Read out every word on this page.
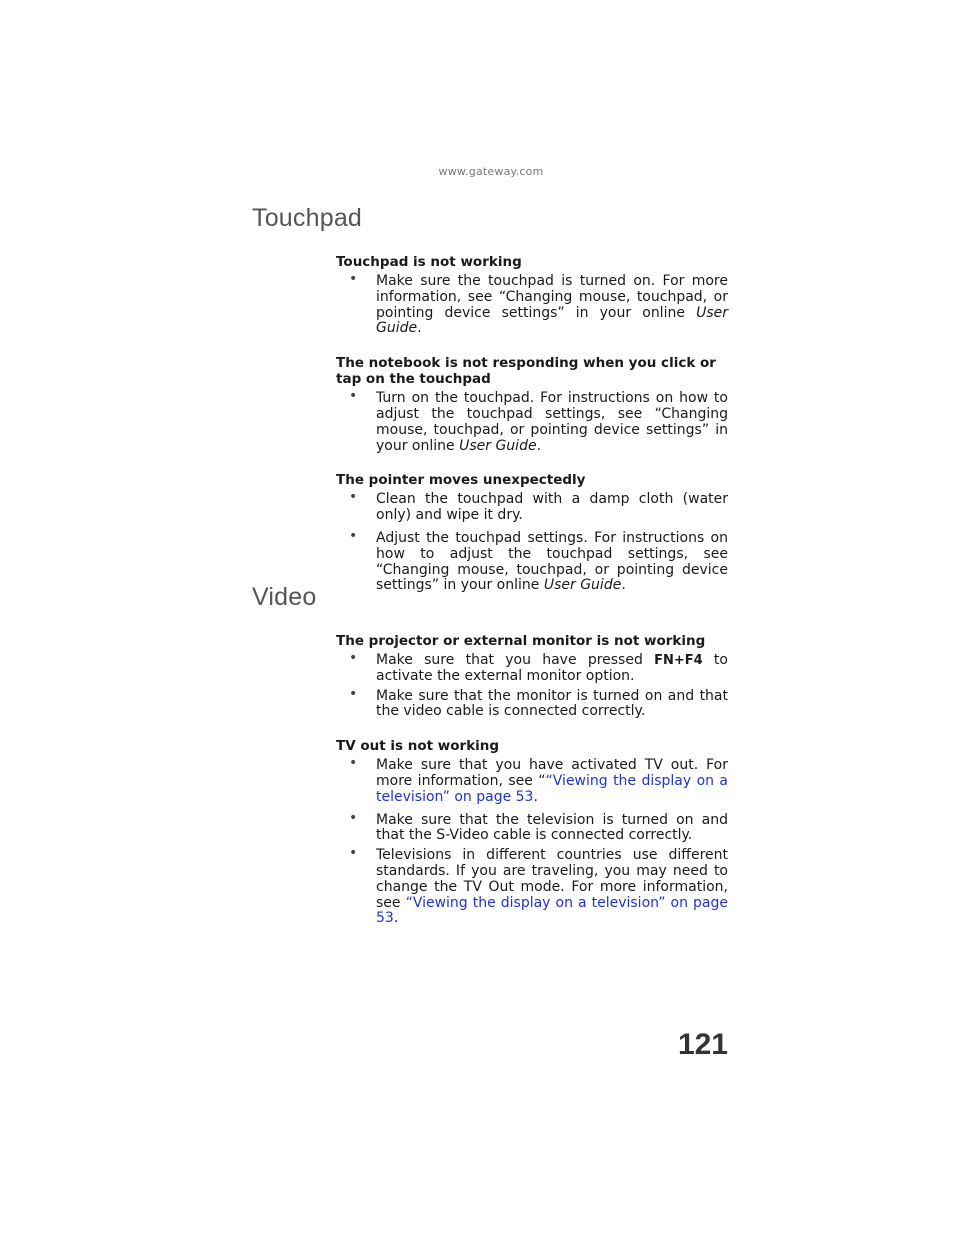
www.gateway.com
Touchpad
Touchpad is not working
• Make sure the touchpad is turned on. For more information, see “Changing mouse, touchpad, or pointing device settings” in your online User Guide.
The notebook is not responding when you click or tap on the touchpad
• Turn on the touchpad. For instructions on how to adjust the touchpad settings, see “Changing mouse, touchpad, or pointing device settings” in your online User Guide.
The pointer moves unexpectedly
• Clean the touchpad with a damp cloth (water only) and wipe it dry.
• Adjust the touchpad settings. For instructions on how to adjust the touchpad settings, see “Changing mouse, touchpad, or pointing device settings” in your online User Guide.
Video
The projector or external monitor is not working
• Make sure that you have pressed FN+F4 to activate the external monitor option.
• Make sure that the monitor is turned on and that the video cable is connected correctly.
TV out is not working
• Make sure that you have activated TV out. For more information, see ““Viewing the display on a television” on page 53.
• Make sure that the television is turned on and that the S-Video cable is connected correctly.
• Televisions in different countries use different standards. If you are traveling, you may need to change the TV Out mode. For more information, see “Viewing the display on a television” on page 53.
121
